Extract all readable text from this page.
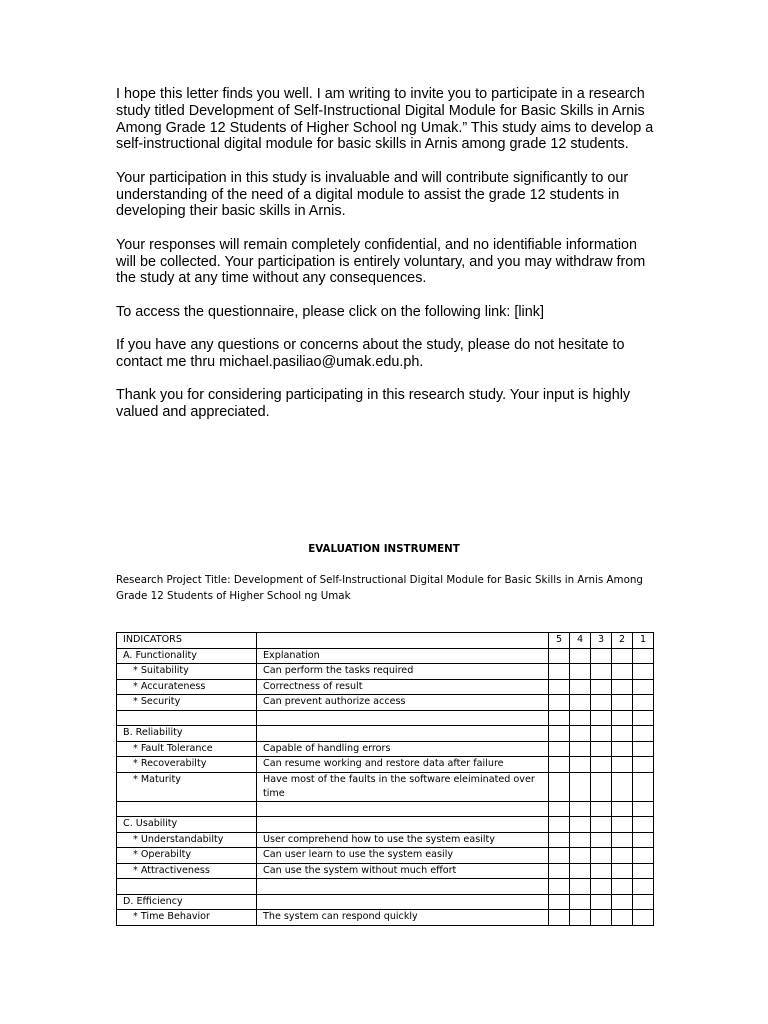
I hope this letter finds you well. I am writing to invite you to participate in a research study titled Development of Self-Instructional Digital Module for Basic Skills in Arnis Among Grade 12 Students of Higher School ng Umak.” This study aims to develop a self-instructional digital module for basic skills in Arnis among grade 12 students.

Your participation in this study is invaluable and will contribute significantly to our understanding of the need of a digital module to assist the grade 12 students in developing their basic skills in Arnis.

Your responses will remain completely confidential, and no identifiable information will be collected. Your participation is entirely voluntary, and you may withdraw from the study at any time without any consequences.

To access the questionnaire, please click on the following link: [link]

If you have any questions or concerns about the study, please do not hesitate to contact me thru michael.pasiliao@umak.edu.ph.

Thank you for considering participating in this research study. Your input is highly valued and appreciated.

EVALUATION INSTRUMENT
Research Project Title: Development of Self-Instructional Digital Module for Basic Skills in Arnis Among Grade 12 Students of Higher School ng Umak
INDICATORS		5	4	3	2	1
A. Functionality	Explanation					
* Suitability	Can perform the tasks required					
* Accurateness	Correctness of result					
* Security	Can prevent authorize access					

B. Reliability						
* Fault Tolerance	Capable of handling errors					
* Recoverabilty	Can resume working and restore data after failure					
* Maturity	Have most of the faults in the software eleiminated over time					

C. Usability						
* Understandabilty	User comprehend how to use the system easilty					
* Operabilty	Can user learn to use the system easily					
* Attractiveness	Can use the system without much effort					

D. Efficiency						
* Time Behavior	The system can respond quickly					
